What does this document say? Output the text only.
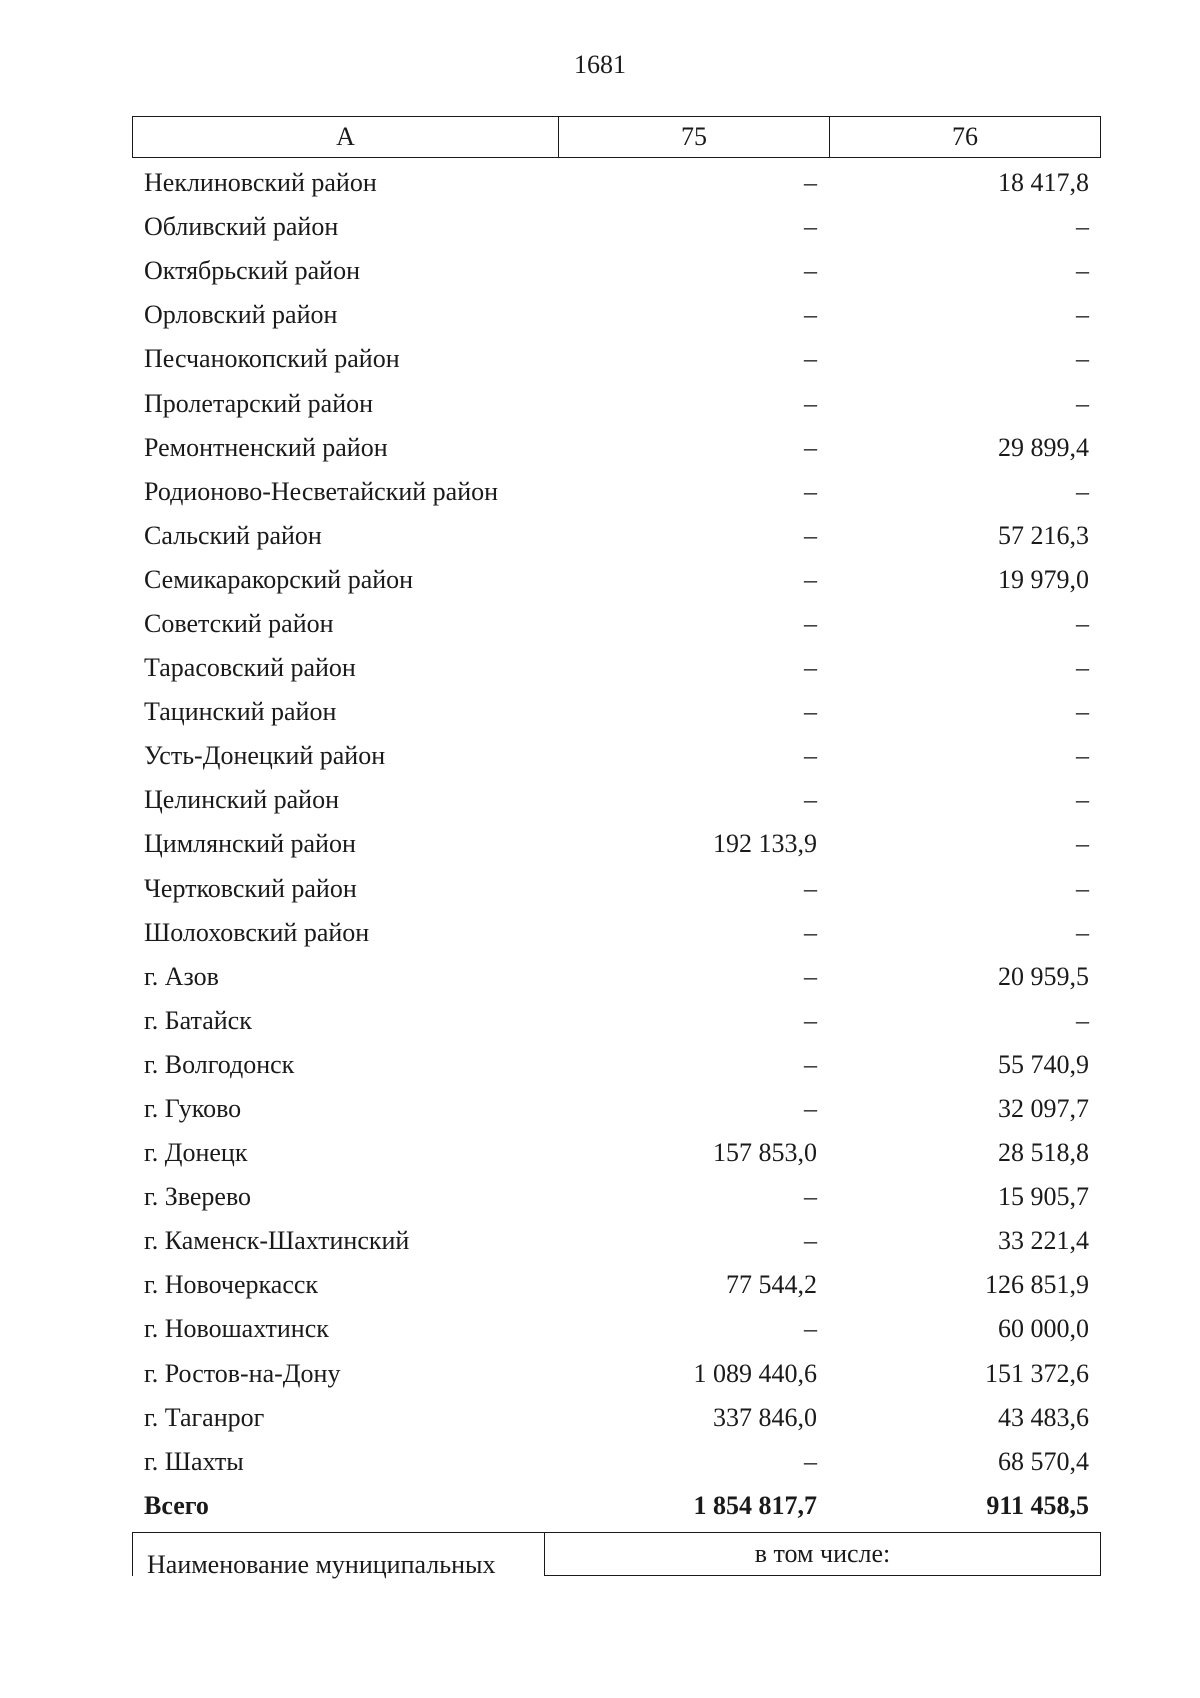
1681
А	75	76
Неклиновский район	–	18 417,8
Обливский район	–	–
Октябрьский район	–	–
Орловский район	–	–
Песчанокопский район	–	–
Пролетарский район	–	–
Ремонтненский район	–	29 899,4
Родионово-Несветайский район	–	–
Сальский район	–	57 216,3
Семикаракорский район	–	19 979,0
Советский район	–	–
Тарасовский район	–	–
Тацинский район	–	–
Усть-Донецкий район	–	–
Целинский район	–	–
Цимлянский район	192 133,9	–
Чертковский район	–	–
Шолоховский район	–	–
г. Азов	–	20 959,5
г. Батайск	–	–
г. Волгодонск	–	55 740,9
г. Гуково	–	32 097,7
г. Донецк	157 853,0	28 518,8
г. Зверево	–	15 905,7
г. Каменск-Шахтинский	–	33 221,4
г. Новочеркасск	77 544,2	126 851,9
г. Новошахтинск	–	60 000,0
г. Ростов-на-Дону	1 089 440,6	151 372,6
г. Таганрог	337 846,0	43 483,6
г. Шахты	–	68 570,4
Всего	1 854 817,7	911 458,5
Наименование муниципальных	в том числе:
